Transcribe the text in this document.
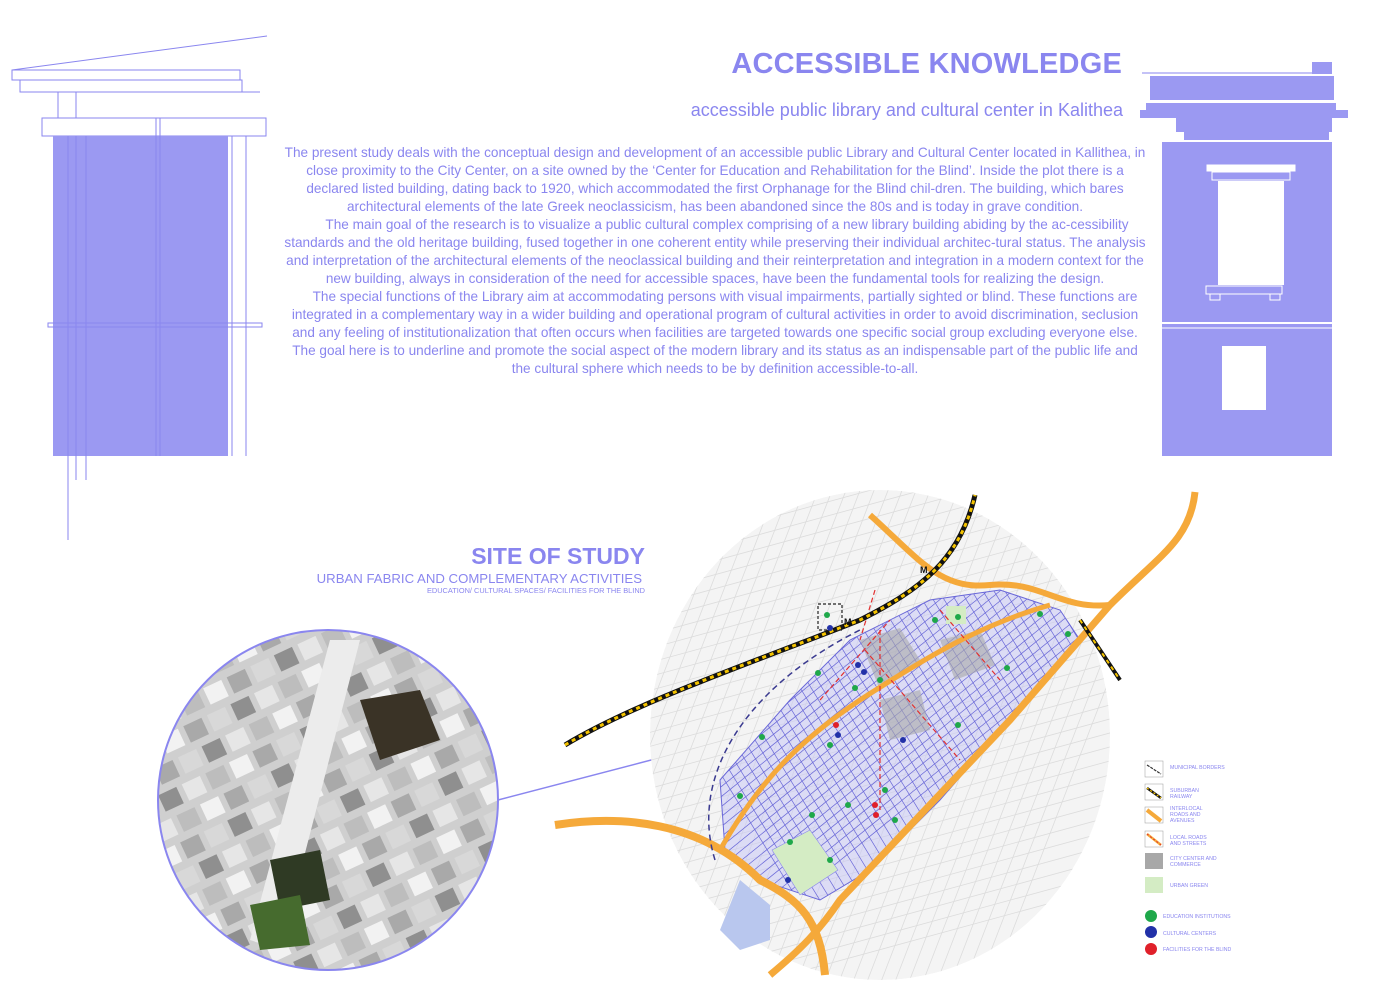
ACCESSIBLE KNOWLEDGE
accessible public library and cultural center in Kalithea

The present study deals with the conceptual design and development of an accessible public Library and Cultural Center located in Kallithea, in close proximity to the City Center, on a site owned by the ‘Center for Education and Rehabilitation for the Blind’. Inside the plot there is a declared listed building, dating back to 1920, which accommodated the first Orphanage for the Blind chil-dren. The building, which bares architectural elements of the late Greek neoclassicism, has been abandoned since the 80s and is today in grave condition.

The main goal of the research is to visualize a public cultural complex comprising of a new library building abiding by the ac-cessibility standards and the old heritage building, fused together in one coherent entity while preserving their individual architec-tural status. The analysis and interpretation of the architectural elements of the neoclassical building and their reinterpretation and integration in a modern context for the new building, always in consideration of the need for accessible spaces, have been the fundamental tools for realizing the design.

The special functions of the Library aim at accommodating persons with visual impairments, partially sighted or blind. These functions are integrated in a complementary way in a wider building and operational program of cultural activities in order to avoid discrimination, seclusion and any feeling of institutionalization that often occurs when facilities are targeted towards one specific social group excluding everyone else. The goal here is to underline and promote the social aspect of the modern library and its status as an indispensable part of the public life and the cultural sphere which needs to be by definition accessible-to-all.

SITE OF STUDY
URBAN FABRIC AND COMPLEMENTARY ACTIVITIES
EDUCATION/ CULTURAL SPACES/ FACILITIES FOR THE BLIND
M
M
MUNICIPAL BORDERS
SUBURBAN RAILWAY
INTERLOCAL ROADS AND AVENUES
LOCAL ROADS AND STREETS
CITY CENTER AND COMMERCE
URBAN GREEN
EDUCATION INSTITUTIONS
CULTURAL CENTERS
FACILITIES FOR THE BLIND
